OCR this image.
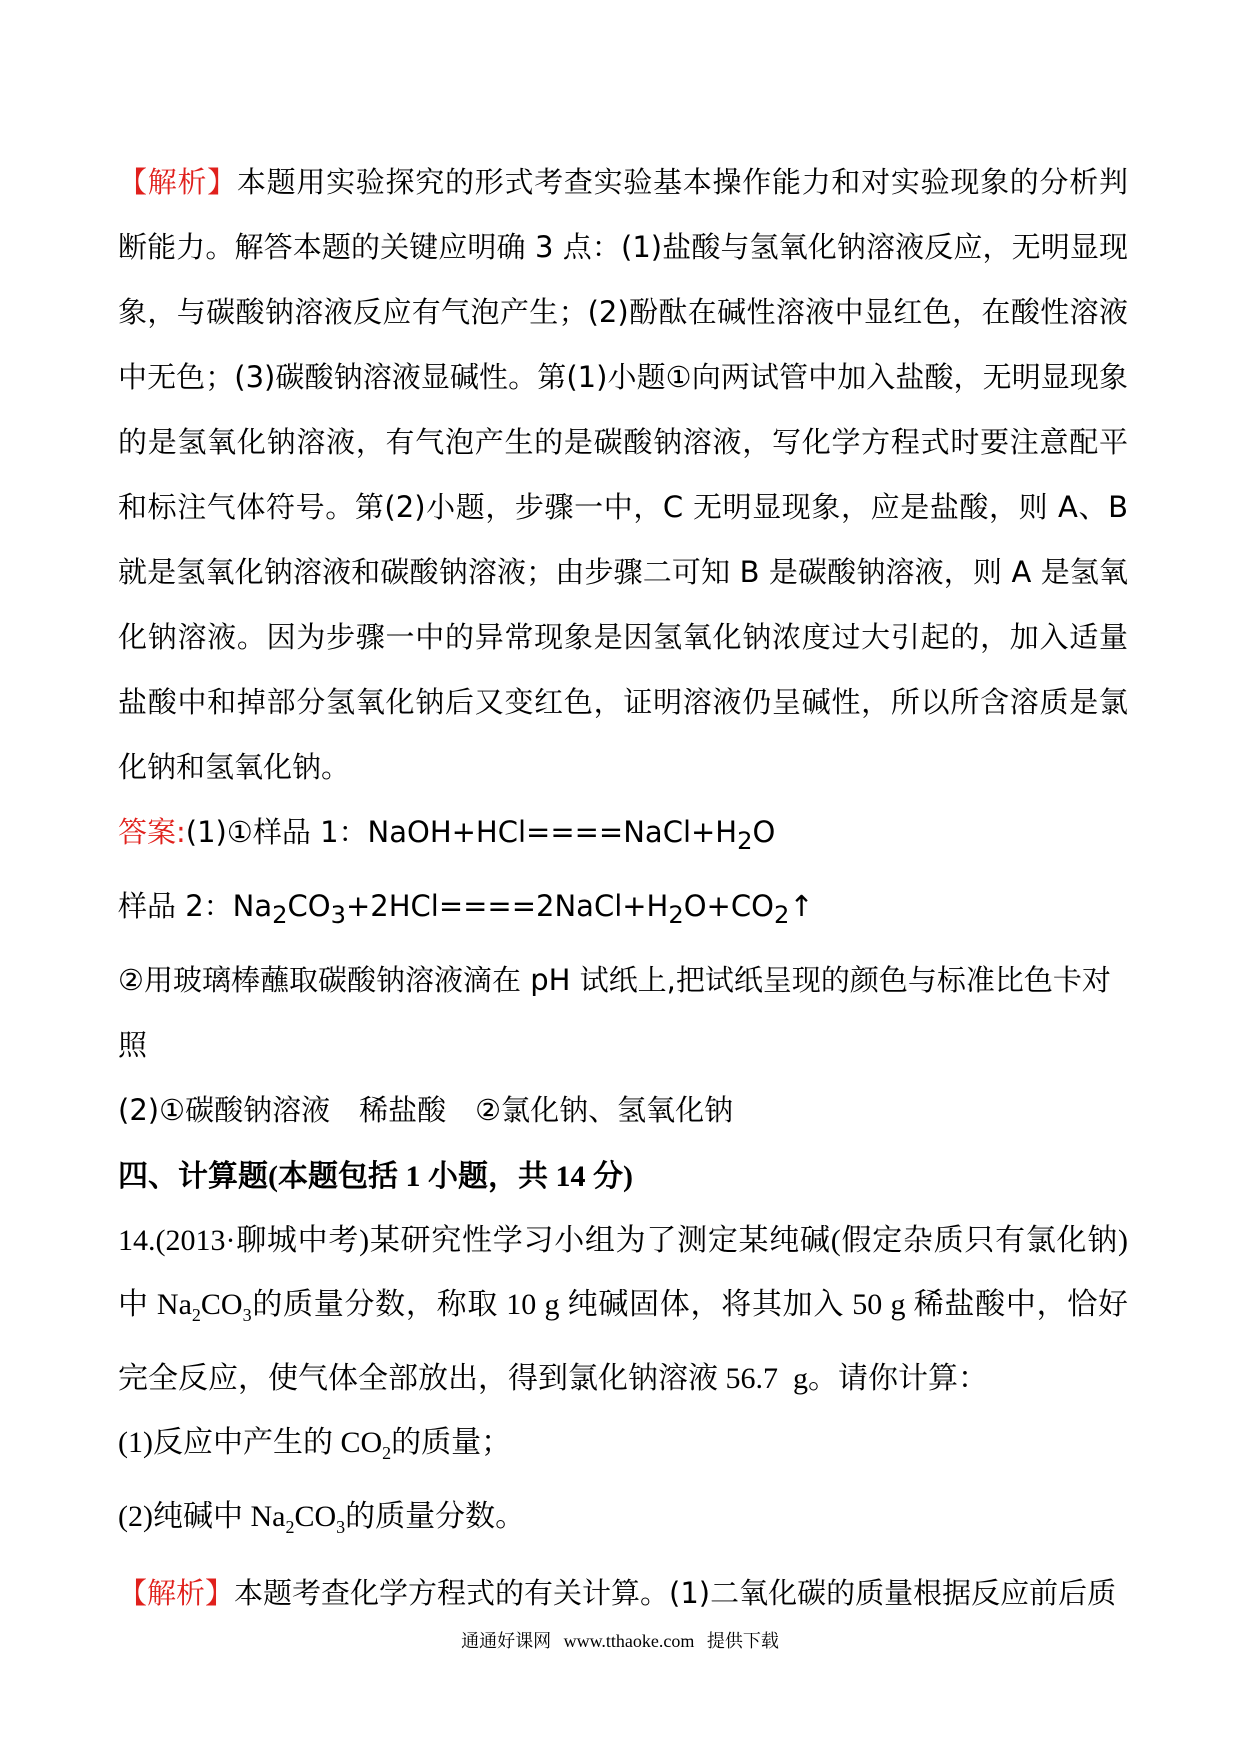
【解析】本题用实验探究的形式考查实验基本操作能力和对实验现象的分析判断能力。解答本题的关键应明确 3 点：(1)盐酸与氢氧化钠溶液反应，无明显现象，与碳酸钠溶液反应有气泡产生；(2)酚酞在碱性溶液中显红色，在酸性溶液中无色；(3)碳酸钠溶液显碱性。第(1)小题①向两试管中加入盐酸，无明显现象的是氢氧化钠溶液，有气泡产生的是碳酸钠溶液，写化学方程式时要注意配平和标注气体符号。第(2)小题，步骤一中，C 无明显现象，应是盐酸，则 A、B 就是氢氧化钠溶液和碳酸钠溶液；由步骤二可知 B 是碳酸钠溶液，则 A 是氢氧化钠溶液。因为步骤一中的异常现象是因氢氧化钠浓度过大引起的，加入适量盐酸中和掉部分氢氧化钠后又变红色，证明溶液仍呈碱性，所以所含溶质是氯化钠和氢氧化钠。

答案:(1)①样品 1：$NaOH+HCl====NaCl+H_2O$

样品 2：$Na_2CO_3+2HCl====2NaCl+H_2O+CO_2↑$

②用玻璃棒蘸取碳酸钠溶液滴在 pH 试纸上,把试纸呈现的颜色与标准比色卡对照

(2)①碳酸钠溶液　稀盐酸　②氯化钠、氢氧化钠

四、计算题(本题包括 1 小题，共 14 分)

14.(2013·聊城中考)某研究性学习小组为了测定某纯碱(假定杂质只有氯化钠)中 $Na_2CO_3$的质量分数，称取 10 g 纯碱固体，将其加入 50 g 稀盐酸中，恰好完全反应，使气体全部放出，得到氯化钠溶液 56.7  g。请你计算：

(1)反应中产生的 $CO_2$的质量；

(2)纯碱中 $Na_2CO_3$的质量分数。

【解析】本题考查化学方程式的有关计算。(1)二氧化碳的质量根据反应前后质

通通好课网 www.tthaoke.com 提供下载
